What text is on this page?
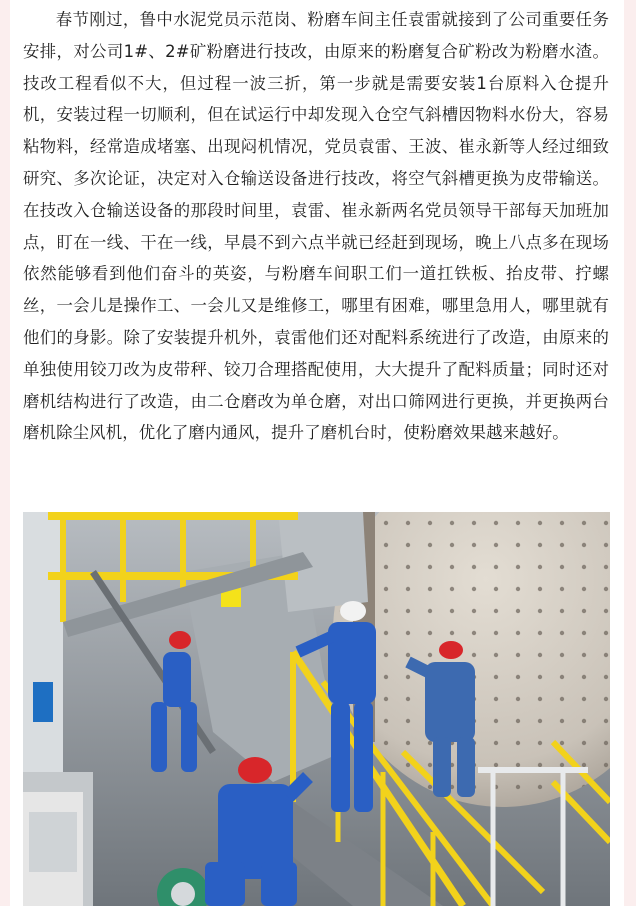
春节刚过，鲁中水泥党员示范岗、粉磨车间主任袁雷就接到了公司重要任务安排，对公司1#、2#矿粉磨进行技改，由原来的粉磨复合矿粉改为粉磨水渣。技改工程看似不大，但过程一波三折，第一步就是需要安装1台原料入仓提升机，安装过程一切顺利，但在试运行中却发现入仓空气斜槽因物料水份大，容易粘物料，经常造成堵塞、出现闷机情况，党员袁雷、王波、崔永新等人经过细致研究、多次论证，决定对入仓输送设备进行技改，将空气斜槽更换为皮带输送。在技改入仓输送设备的那段时间里，袁雷、崔永新两名党员领导干部每天加班加点，盯在一线、干在一线，早晨不到六点半就已经赶到现场，晚上八点多在现场依然能够看到他们奋斗的英姿，与粉磨车间职工们一道扛铁板、抬皮带、拧螺丝，一会儿是操作工、一会儿又是维修工，哪里有困难，哪里急用人，哪里就有他们的身影。除了安装提升机外，袁雷他们还对配料系统进行了改造，由原来的单独使用铰刀改为皮带秤、铰刀合理搭配使用，大大提升了配料质量；同时还对磨机结构进行了改造，由二仓磨改为单仓磨，对出口筛网进行更换，并更换两台磨机除尘风机，优化了磨内通风，提升了磨机台时，使粉磨效果越来越好。
